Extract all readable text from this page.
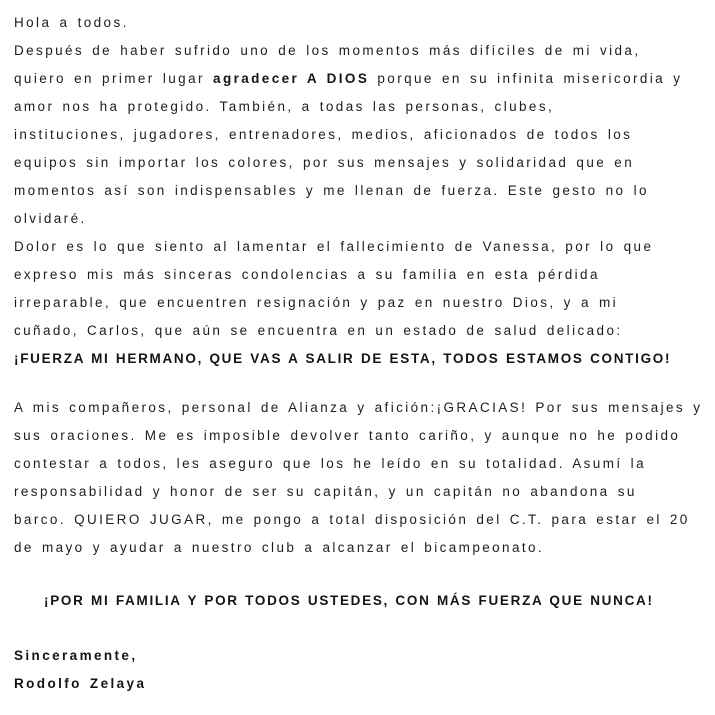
Hola a todos.
Después de haber sufrido uno de los momentos más difíciles de mi vida,
quiero en primer lugar agradecer A DIOS porque en su infinita misericordia y
amor nos ha protegido. También, a todas las personas, clubes,
instituciones, jugadores, entrenadores, medios, aficionados de todos los
equipos sin importar los colores, por sus mensajes y solidaridad que en
momentos así son indispensables y me llenan de fuerza. Este gesto no lo
olvidaré.
Dolor es lo que siento al lamentar el fallecimiento de Vanessa, por lo que
expreso mis más sinceras condolencias a su familia en esta pérdida
irreparable, que encuentren resignación y paz en nuestro Dios, y a mi
cuñado, Carlos, que aún se encuentra en un estado de salud delicado:
¡FUERZA MI HERMANO, QUE VAS A SALIR DE ESTA, TODOS ESTAMOS CONTIGO!
A mis compañeros, personal de Alianza y afición:¡GRACIAS! Por sus mensajes y
sus oraciones. Me es imposible devolver tanto cariño, y aunque no he podido
contestar a todos, les aseguro que los he leído en su totalidad. Asumí la
responsabilidad y honor de ser su capitán, y un capitán no abandona su
barco. QUIERO JUGAR, me pongo a total disposición del C.T. para estar el 20
de mayo y ayudar a nuestro club a alcanzar el bicampeonato.
¡POR MI FAMILIA Y POR TODOS USTEDES, CON MÁS FUERZA QUE NUNCA!
Sinceramente,
Rodolfo Zelaya
